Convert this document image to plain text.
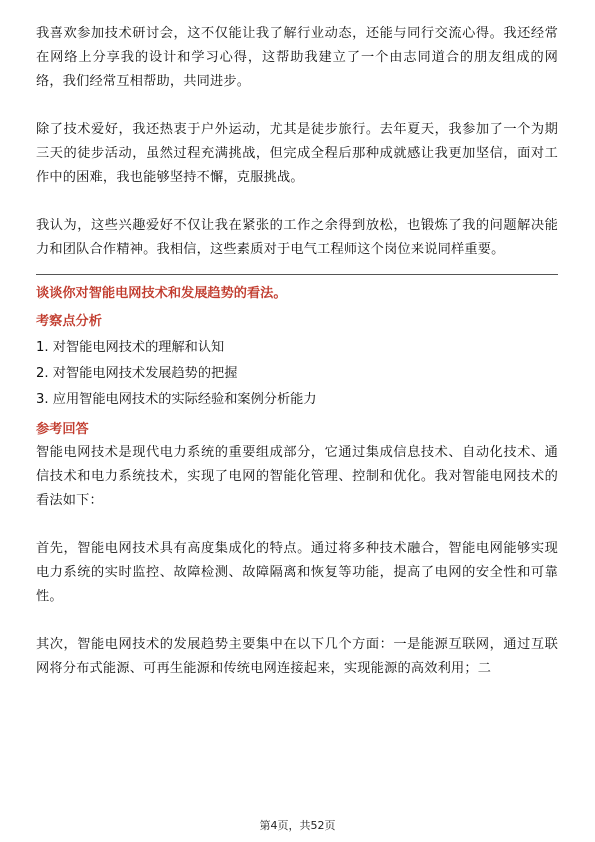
我喜欢参加技术研讨会，这不仅能让我了解行业动态，还能与同行交流心得。我还经常在网络上分享我的设计和学习心得，这帮助我建立了一个由志同道合的朋友组成的网络，我们经常互相帮助，共同进步。

除了技术爱好，我还热衷于户外运动，尤其是徒步旅行。去年夏天，我参加了一个为期三天的徒步活动，虽然过程充满挑战，但完成全程后那种成就感让我更加坚信，面对工作中的困难，我也能够坚持不懈，克服挑战。

我认为，这些兴趣爱好不仅让我在紧张的工作之余得到放松，也锻炼了我的问题解决能力和团队合作精神。我相信，这些素质对于电气工程师这个岗位来说同样重要。

谈谈你对智能电网技术和发展趋势的看法。

考察点分析

1. 对智能电网技术的理解和认知
2. 对智能电网技术发展趋势的把握
3. 应用智能电网技术的实际经验和案例分析能力

参考回答

智能电网技术是现代电力系统的重要组成部分，它通过集成信息技术、自动化技术、通信技术和电力系统技术，实现了电网的智能化管理、控制和优化。我对智能电网技术的看法如下：

首先，智能电网技术具有高度集成化的特点。通过将多种技术融合，智能电网能够实现电力系统的实时监控、故障检测、故障隔离和恢复等功能，提高了电网的安全性和可靠性。

其次，智能电网技术的发展趋势主要集中在以下几个方面：一是能源互联网，通过互联网将分布式能源、可再生能源和传统电网连接起来，实现能源的高效利用；二

第4页，共52页
